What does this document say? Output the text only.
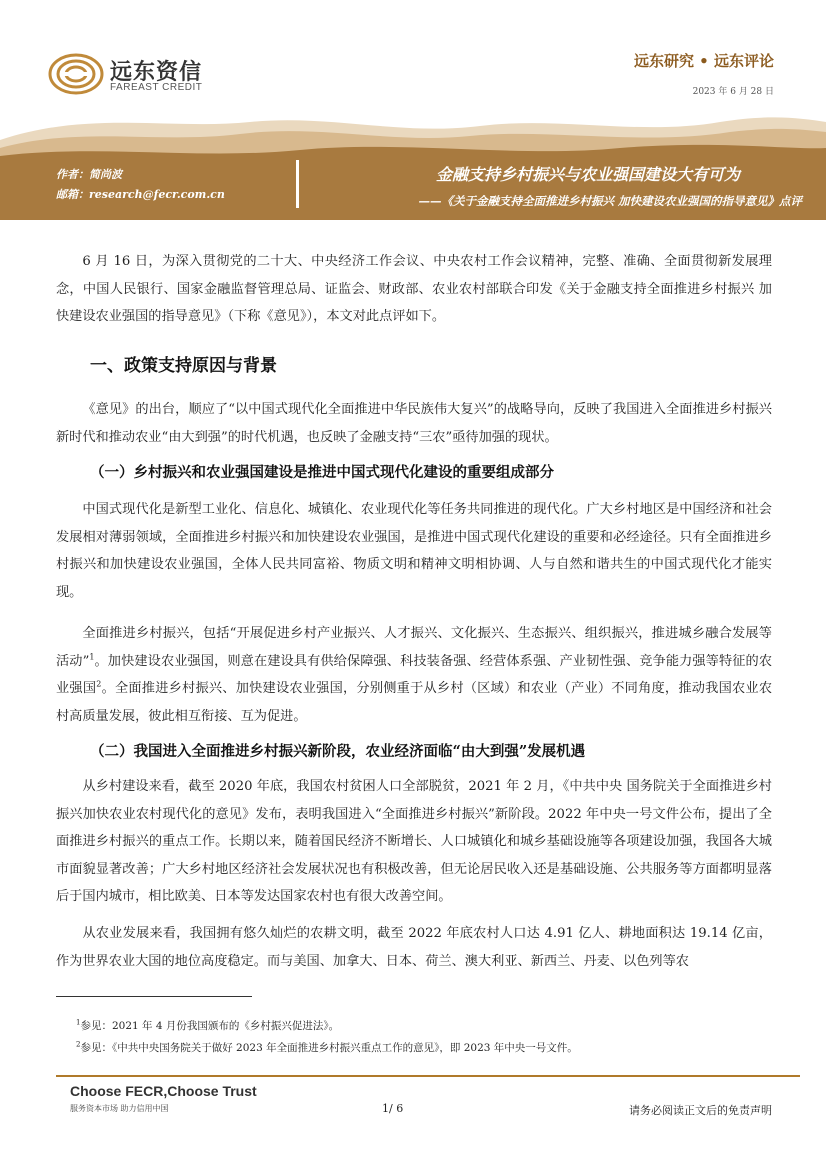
远东资信
FAREAST CREDIT
远东研究 • 远东评论
2023 年 6 月 28 日
作者：简尚波
邮箱：research@fecr.com.cn
金融支持乡村振兴与农业强国建设大有可为
——《关于金融支持全面推进乡村振兴 加快建设农业强国的指导意见》点评
6 月 16 日，为深入贯彻党的二十大、中央经济工作会议、中央农村工作会议精神，完整、准确、全面贯彻新发展理念，中国人民银行、国家金融监督管理总局、证监会、财政部、农业农村部联合印发《关于金融支持全面推进乡村振兴 加快建设农业强国的指导意见》（下称《意见》），本文对此点评如下。
一、政策支持原因与背景
《意见》的出台，顺应了“以中国式现代化全面推进中华民族伟大复兴”的战略导向，反映了我国进入全面推进乡村振兴新时代和推动农业“由大到强”的时代机遇，也反映了金融支持“三农”亟待加强的现状。
（一）乡村振兴和农业强国建设是推进中国式现代化建设的重要组成部分
中国式现代化是新型工业化、信息化、城镇化、农业现代化等任务共同推进的现代化。广大乡村地区是中国经济和社会发展相对薄弱领域，全面推进乡村振兴和加快建设农业强国，是推进中国式现代化建设的重要和必经途径。只有全面推进乡村振兴和加快建设农业强国，全体人民共同富裕、物质文明和精神文明相协调、人与自然和谐共生的中国式现代化才能实现。
全面推进乡村振兴，包括“开展促进乡村产业振兴、人才振兴、文化振兴、生态振兴、组织振兴，推进城乡融合发展等活动”$^1$。加快建设农业强国，则意在建设具有供给保障强、科技装备强、经营体系强、产业韧性强、竞争能力强等特征的农业强国$^2$。全面推进乡村振兴、加快建设农业强国，分别侧重于从乡村（区域）和农业（产业）不同角度，推动我国农业农村高质量发展，彼此相互衔接、互为促进。
（二）我国进入全面推进乡村振兴新阶段，农业经济面临“由大到强”发展机遇
从乡村建设来看，截至 2020 年底，我国农村贫困人口全部脱贫，2021 年 2 月，《中共中央 国务院关于全面推进乡村振兴加快农业农村现代化的意见》发布，表明我国进入“全面推进乡村振兴”新阶段。2022 年中央一号文件公布，提出了全面推进乡村振兴的重点工作。长期以来，随着国民经济不断增长、人口城镇化和城乡基础设施等各项建设加强，我国各大城市面貌显著改善；广大乡村地区经济社会发展状况也有积极改善，但无论居民收入还是基础设施、公共服务等方面都明显落后于国内城市，相比欧美、日本等发达国家农村也有很大改善空间。
从农业发展来看，我国拥有悠久灿烂的农耕文明，截至 2022 年底农村人口达 4.91 亿人、耕地面积达 19.14 亿亩，作为世界农业大国的地位高度稳定。而与美国、加拿大、日本、荷兰、澳大利亚、新西兰、丹麦、以色列等农
$^1$参见：2021 年 4 月份我国颁布的《乡村振兴促进法》。
$^2$参见：《中共中央国务院关于做好 2023 年全面推进乡村振兴重点工作的意见》，即 2023 年中央一号文件。
Choose FECR,Choose Trust
服务资本市场 助力信用中国	1/ 6	请务必阅读正文后的免责声明
